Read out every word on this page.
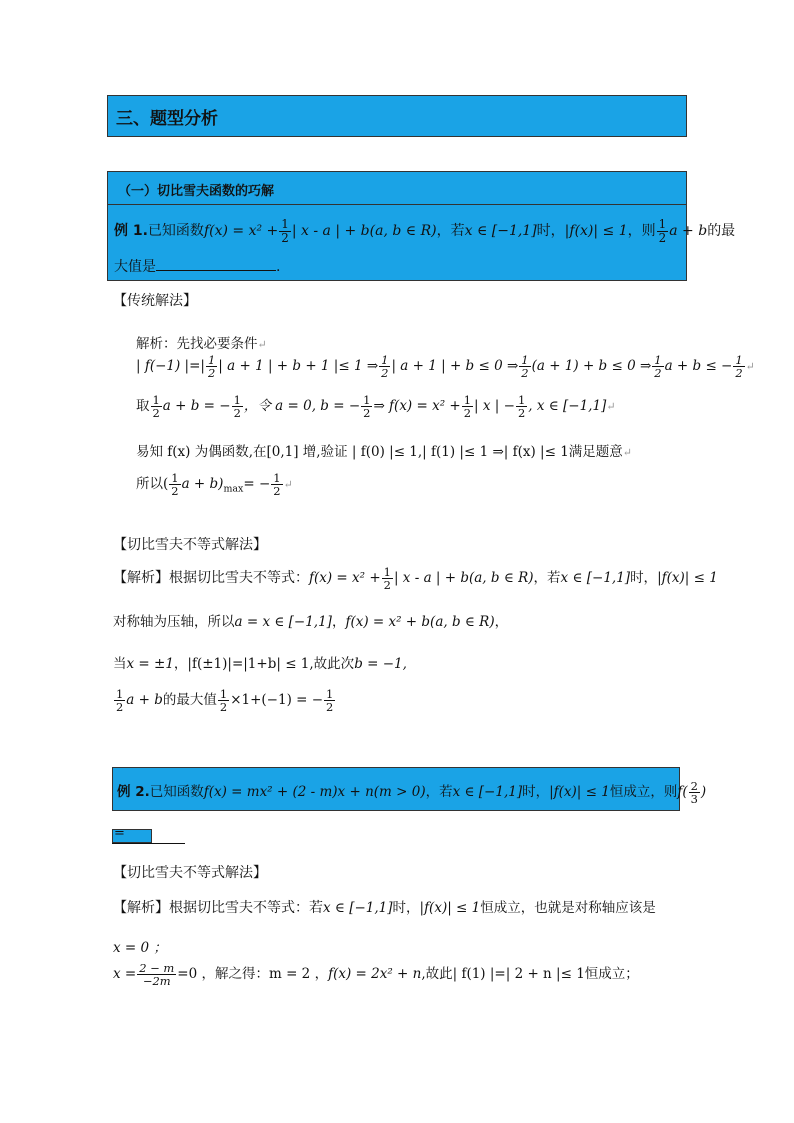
三、题型分析
（一）切比雪夫函数的巧解
例 1.已知函数$f(x) = x^2 + \frac{1}{2}$ | x - a | + b(a, b ∈ R)，若x ∈ [−1,1]时，|f(x)| ≤ 1，则 $\frac{1}{2}$ a + b的最
大值是	.
【传统解法】
解析：先找必要条件↵
| f(−1) |=| $\frac{1}{2}$ | a + 1 | + b + 1 |≤ 1 ⇒ $\frac{1}{2}$ | a + 1 | + b ≤ 0 ⇒ $\frac{1}{2} (a + 1) + b \le 0$ ⇒ $\frac{1}{2}$ a + b ≤ − $\frac{1}{2}$ ↵
取 $\frac{1}{2}$ a + b = − $\frac{1}{2}$ ，令 a = 0, b = − $\frac{1}{2}$ ⇒ $f(x) = x^2 + \frac{1}{2}$ | x | − $\frac{1}{2}$ , x ∈ [−1,1]↵
易知 f(x) 为偶函数,在[0,1] 增,验证 | f(0) |≤ 1,| f(1) |≤ 1 ⇒| f(x) |≤ 1满足题意↵
所以( $\frac{1}{2}$ $a + b)_{max}= - \frac{1}{2}$ ↵
【切比雪夫不等式解法】
【解析】根据切比雪夫不等式：$f(x) = x^2 + \frac{1}{2}$ | x - a | + b(a, b ∈ R)，若x ∈ [−1,1]时，|f(x)| ≤ 1
对称轴为压轴，所以a = x ∈ [−1,1]，f(x) = x² + b(a, b ∈ R)，
当x = ±1，|f(±1)|=|1+b| ≤ 1,故此次b = −1,
$\frac{1}{2}$ a + b的最大值 $\frac{1}{2} \times 1+(-1)$ = − $\frac{1}{2}$
例 2.已知函数f(x) = mx² + (2 - m)x + n(m > 0)，若x ∈ [−1,1]时，|f(x)| ≤ 1恒成立，则$f( \frac{2}{3}$ )
=
【切比雪夫不等式解法】
【解析】根据切比雪夫不等式：若x ∈ [−1,1]时，|f(x)| ≤ 1恒成立，也就是对称轴应该是
x = 0 ；
$x = \frac{2 - m}{-2m} =0$ ，解之得：m = 2 ，f(x) = 2x² + n,故此| f(1) |=| 2 + n |≤ 1恒成立；
